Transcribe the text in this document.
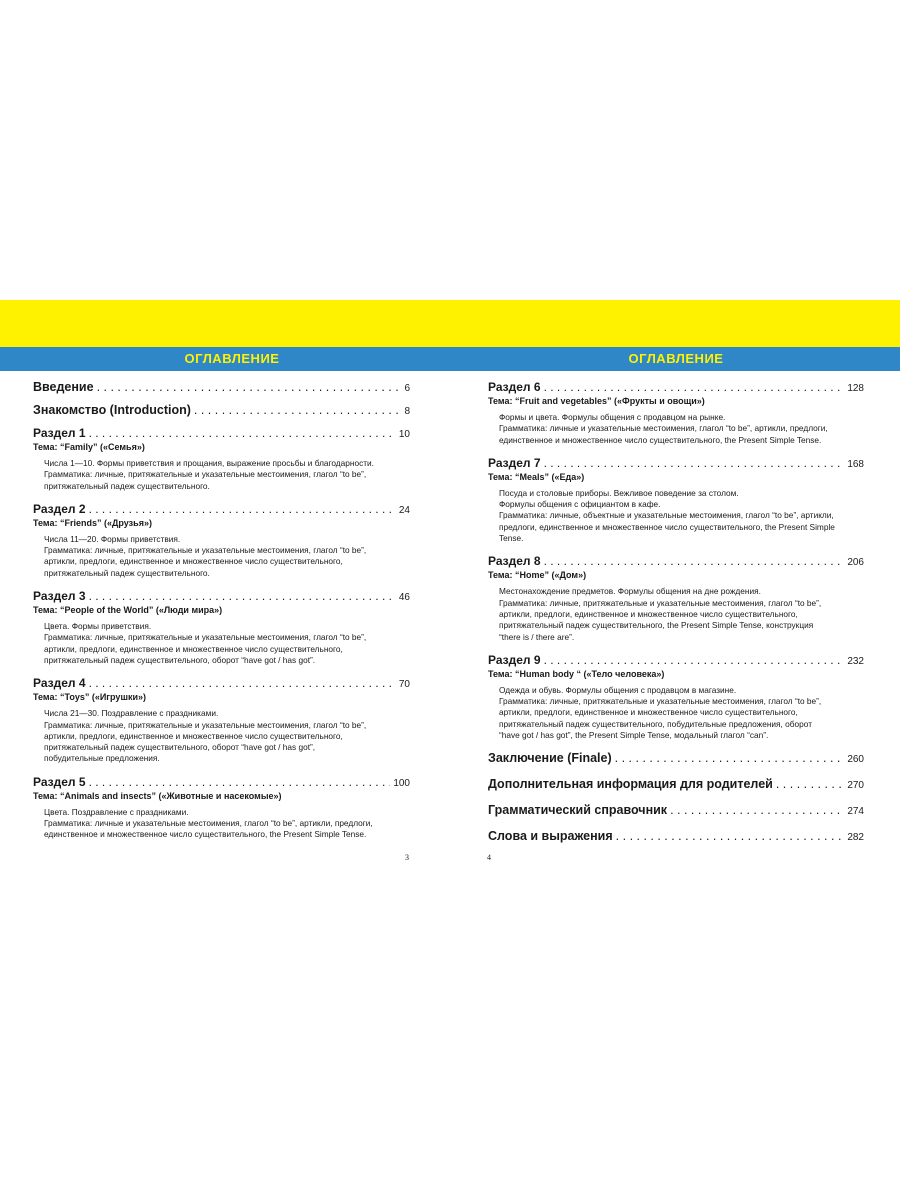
ОГЛАВЛЕНИЕ	ОГЛАВЛЕНИЕ
Введение . . .	6
Знакомство (Introduction) . . .	8
Раздел 1 . . .	10
Тема: “Family” («Семья»)
Числа 1—10. Формы приветствия и прощания, выражение просьбы и благодарности.
Грамматика: личные, притяжательные и указательные местоимения, глагол “to be”,
притяжательный падеж существительного.
Раздел 2 . . .	24
Тема: “Friends” («Друзья»)
Числа 11—20. Формы приветствия.
Грамматика: личные, притяжательные и указательные местоимения, глагол “to be”,
артикли, предлоги, единственное и множественное число существительного,
притяжательный падеж существительного.
Раздел 3 . . .	46
Тема: “People of the World” («Люди мира»)
Цвета. Формы приветствия.
Грамматика: личные, притяжательные и указательные местоимения, глагол “to be”,
артикли, предлоги, единственное и множественное число существительного,
притяжательный падеж существительного, оборот “have got / has got”.
Раздел 4 . . .	70
Тема: “Toys” («Игрушки»)
Числа 21—30. Поздравление с праздниками.
Грамматика: личные, притяжательные и указательные местоимения, глагол “to be”,
артикли, предлоги, единственное и множественное число существительного,
притяжательный падеж существительного, оборот “have got / has got”,
побудительные предложения.
Раздел 5 . . .	100
Тема: “Animals and insects” («Животные и насекомые»)
Цвета. Поздравление с праздниками.
Грамматика: личные и указательные местоимения, глагол “to be”, артикли, предлоги,
единственное и множественное число существительного, the Present Simple Tense.
Раздел 6 . . .	128
Тема: “Fruit and vegetables” («Фрукты и овощи»)
Формы и цвета. Формулы общения с продавцом на рынке.
Грамматика: личные и указательные местоимения, глагол “to be”, артикли, предлоги,
единственное и множественное число существительного, the Present Simple Tense.
Раздел 7 . . .	168
Тема: “Meals” («Еда»)
Посуда и столовые приборы. Вежливое поведение за столом.
Формулы общения с официантом в кафе.
Грамматика: личные, объектные и указательные местоимения, глагол “to be”, артикли,
предлоги, единственное и множественное число существительного, the Present Simple
Tense.
Раздел 8 . . .	206
Тема: “Home” («Дом»)
Местонахождение предметов. Формулы общения на дне рождения.
Грамматика: личные, притяжательные и указательные местоимения, глагол “to be”,
артикли, предлоги, единственное и множественное число существительного,
притяжательный падеж существительного, the Present Simple Tense, конструкция
“there is / there are”.
Раздел 9 . . .	232
Тема: “Human body “ («Тело человека»)
Одежда и обувь. Формулы общения с продавцом в магазине.
Грамматика: личные, притяжательные и указательные местоимения, глагол “to be”,
артикли, предлоги, единственное и множественное число существительного,
притяжательный падеж существительного, побудительные предложения, оборот
“have got / has got”, the Present Simple Tense, модальный глагол “can”.
Заключение (Finale) . . .	260
Дополнительная информация для родителей . . .	270
Грамматический справочник . . .	274
Слова и выражения . . .	282
3	4
